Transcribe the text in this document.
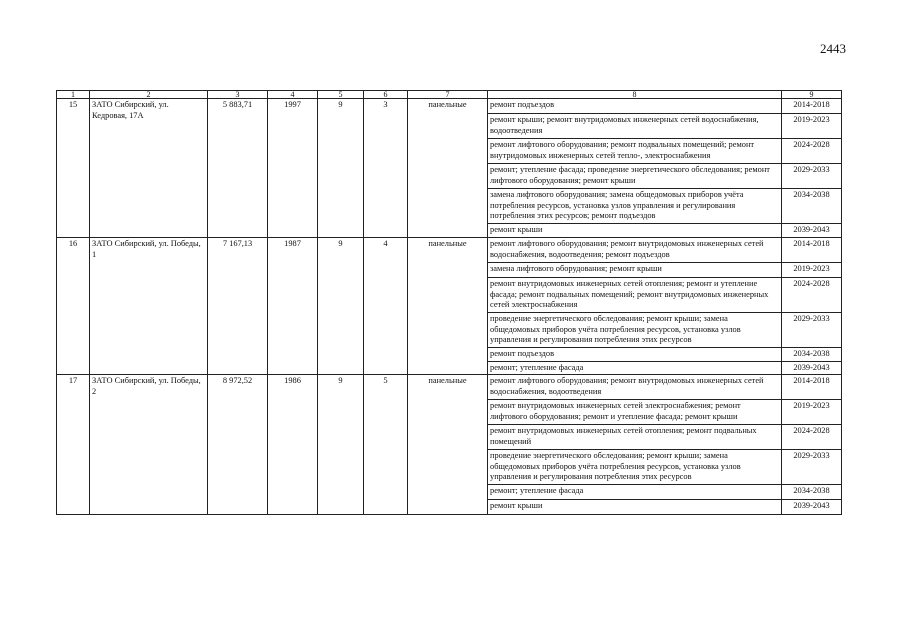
2443
1	2	3	4	5	6	7	8	9
15	ЗАТО Сибирский, ул. Кедровая, 17А	5 883,71	1997	9	3	панельные	ремонт подъездов	2014-2018
							ремонт крыши; ремонт внутридомовых инженерных сетей водоснабжения, водоотведения	2019-2023
							ремонт лифтового оборудования; ремонт подвальных помещений; ремонт внутридомовых инженерных сетей тепло-, электроснабжения	2024-2028
							ремонт; утепление фасада; проведение энергетического обследования; ремонт лифтового оборудования; ремонт крыши	2029-2033
							замена лифтового оборудования; замена общедомовых приборов учёта потребления ресурсов, установка узлов управления и регулирования потребления этих ресурсов; ремонт подъездов	2034-2038
							ремонт крыши	2039-2043
16	ЗАТО Сибирский, ул. Победы, 1	7 167,13	1987	9	4	панельные	ремонт лифтового оборудования; ремонт внутридомовых инженерных сетей водоснабжения, водоотведения; ремонт подъездов	2014-2018
							замена лифтового оборудования; ремонт крыши	2019-2023
							ремонт внутридомовых инженерных сетей отопления; ремонт и утепление фасада; ремонт подвальных помещений; ремонт внутридомовых инженерных сетей электроснабжения	2024-2028
							проведение энергетического обследования; ремонт крыши; замена общедомовых приборов учёта потребления ресурсов, установка узлов управления и регулирования потребления этих ресурсов	2029-2033
							ремонт подъездов	2034-2038
							ремонт; утепление фасада	2039-2043
17	ЗАТО Сибирский, ул. Победы, 2	8 972,52	1986	9	5	панельные	ремонт лифтового оборудования; ремонт внутридомовых инженерных сетей водоснабжения, водоотведения	2014-2018
							ремонт внутридомовых инженерных сетей электроснабжения; ремонт лифтового оборудования; ремонт и утепление фасада; ремонт крыши	2019-2023
							ремонт внутридомовых инженерных сетей отопления; ремонт подвальных помещений	2024-2028
							проведение энергетического обследования; ремонт крыши; замена общедомовых приборов учёта потребления ресурсов, установка узлов управления и регулирования потребления этих ресурсов	2029-2033
							ремонт; утепление фасада	2034-2038
							ремонт крыши	2039-2043
